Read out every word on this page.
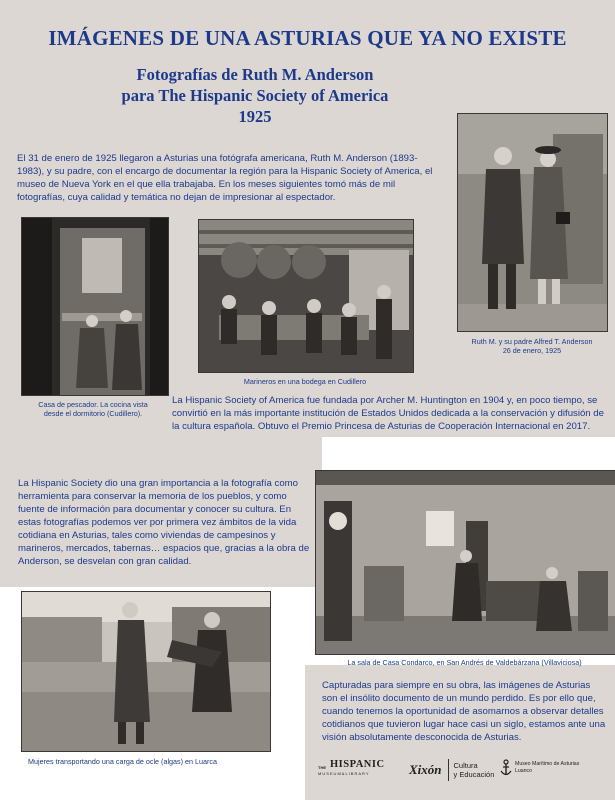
IMÁGENES DE UNA ASTURIAS QUE YA NO EXISTE
Fotografías de Ruth M. Anderson
para The Hispanic Society of America
1925
El 31 de enero de 1925 llegaron a Asturias una fotógrafa americana, Ruth M. Anderson (1893-1983), y su padre, con el encargo de documentar la región para la Hispanic Society of America, el museo de Nueva York en el que ella trabajaba. En los meses siguientes tomó más de mil fotografías, cuya calidad y temática no dejan de impresionar al espectador.
Ruth M. y su padre Alfred T. Anderson
26 de enero, 1925
Casa de pescador. La cocina vista
desde el dormitorio (Cudillero).
Marineros en una bodega en Cudillero
La Hispanic Society of America fue fundada por Archer M. Huntington en 1904 y, en poco tiempo, se convirtió en la más importante institución de Estados Unidos dedicada a la conservación y difusión de la cultura española. Obtuvo el Premio Princesa de Asturias de Cooperación Internacional en 2017.
La Hispanic Society dio una gran importancia a la fotografía como herramienta para conservar la memoria de los pueblos, y como fuente de información para documentar y conocer su cultura. En estas fotografías podemos ver por primera vez ámbitos de la vida cotidiana en Asturias, tales como viviendas de campesinos y marineros, mercados, tabernas… espacios que, gracias a la obra de Anderson, se desvelan con gran calidad.
La sala de Casa Condarco, en San Andrés de Valdebárzana (Villaviciosa)
Mujeres transportando una carga de ocle (algas) en Luarca
Capturadas para siempre en su obra, las imágenes de Asturias son el insólito documento de un mundo perdido. Es por ello que, cuando tenemos la oportunidad de asomarnos a observar detalles cotidianos que tuvieron lugar hace casi un siglo, estamos ante una visión absolutamente desconocida de Asturias.
THE HISPANIC
MUSEUM&LIBRARY	Xixón Cultura
y Educación
Museo Marítimo de Asturias
Luanco
